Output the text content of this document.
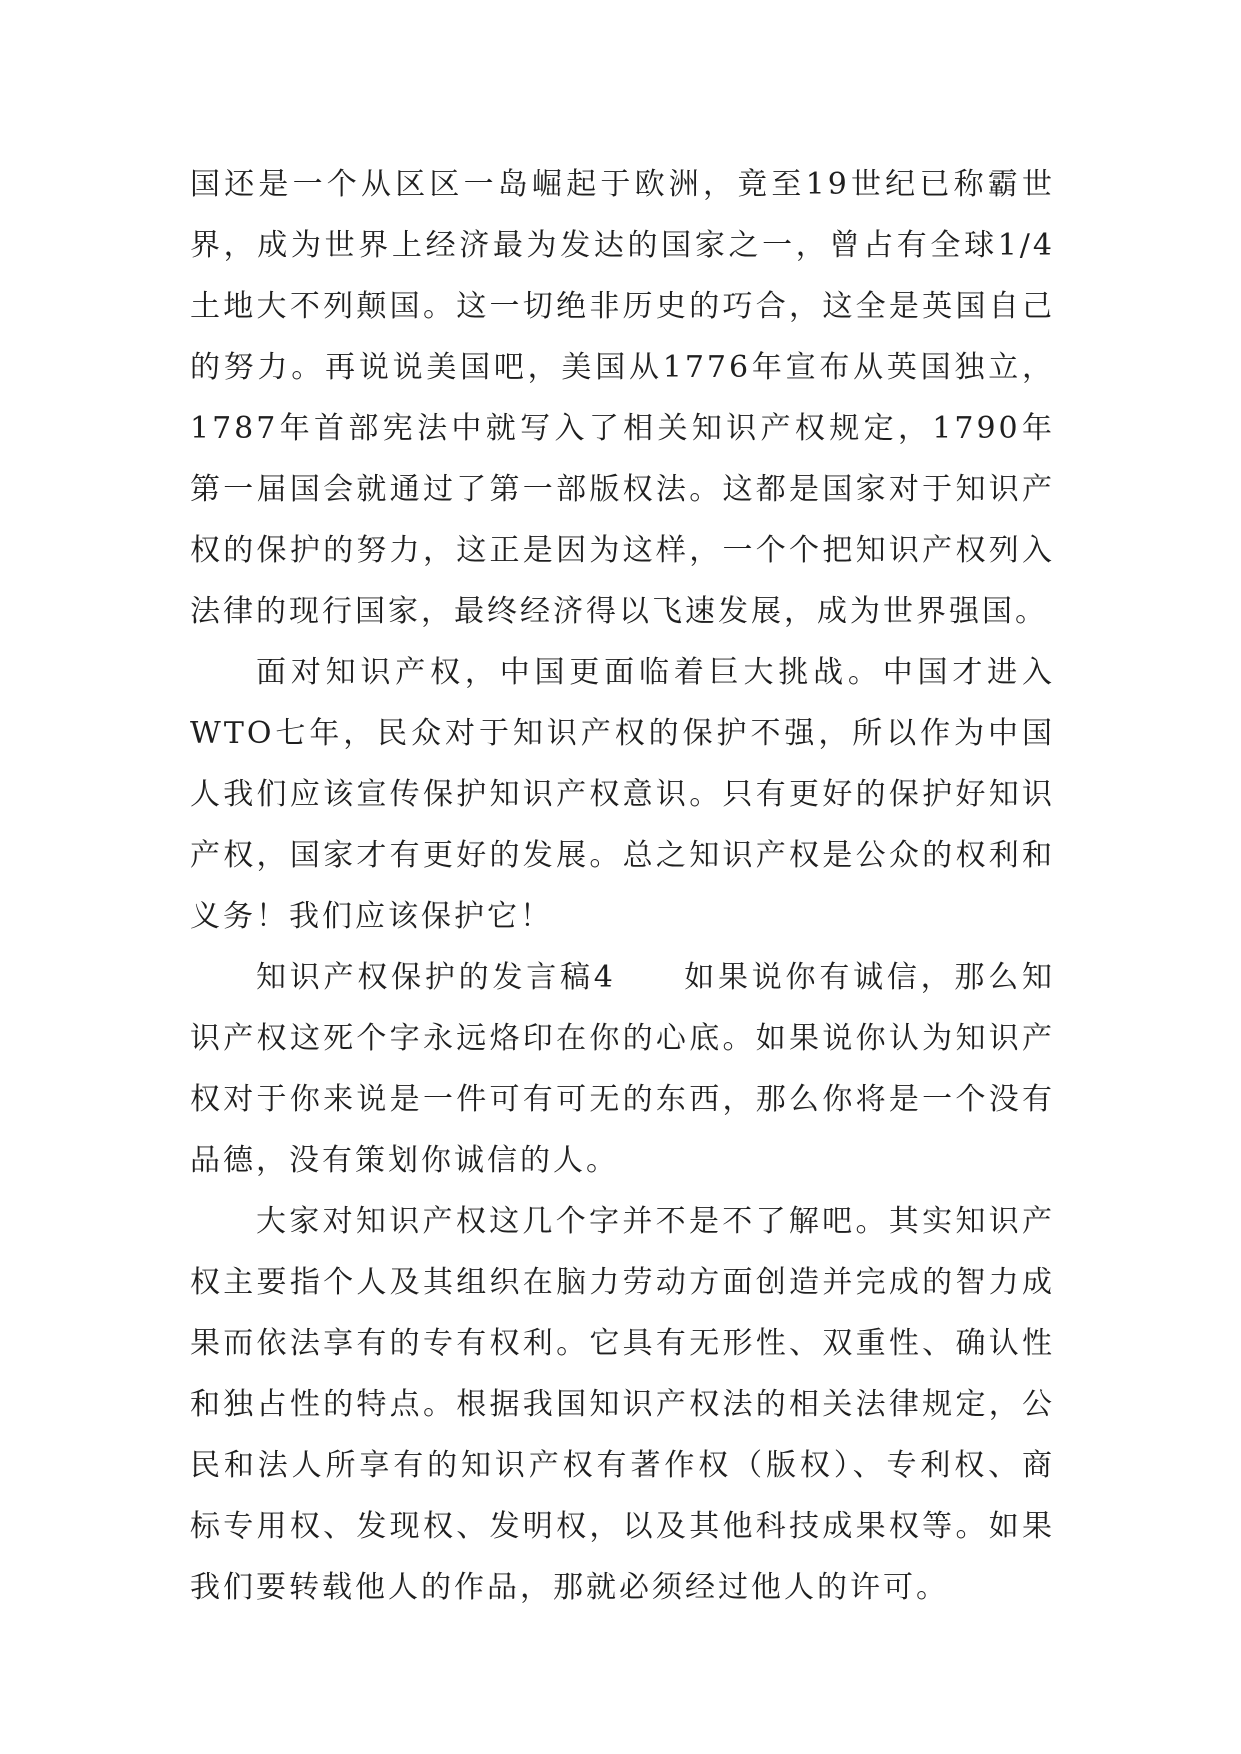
国还是一个从区区一岛崛起于欧洲，竟至19世纪已称霸世界，成为世界上经济最为发达的国家之一，曾占有全球1/4土地大不列颠国。这一切绝非历史的巧合，这全是英国自己的努力。再说说美国吧，美国从1776年宣布从英国独立，1787年首部宪法中就写入了相关知识产权规定，1790年第一届国会就通过了第一部版权法。这都是国家对于知识产权的保护的努力，这正是因为这样，一个个把知识产权列入法律的现行国家，最终经济得以飞速发展，成为世界强国。

面对知识产权，中国更面临着巨大挑战。中国才进入WTO七年，民众对于知识产权的保护不强，所以作为中国人我们应该宣传保护知识产权意识。只有更好的保护好知识产权，国家才有更好的发展。总之知识产权是公众的权利和义务！我们应该保护它！

知识产权保护的发言稿4　　如果说你有诚信，那么知识产权这死个字永远烙印在你的心底。如果说你认为知识产权对于你来说是一件可有可无的东西，那么你将是一个没有品德，没有策划你诚信的人。

大家对知识产权这几个字并不是不了解吧。其实知识产权主要指个人及其组织在脑力劳动方面创造并完成的智力成果而依法享有的专有权利。它具有无形性、双重性、确认性和独占性的特点。根据我国知识产权法的相关法律规定，公民和法人所享有的知识产权有著作权（版权）、专利权、商标专用权、发现权、发明权，以及其他科技成果权等。如果我们要转载他人的作品，那就必须经过他人的许可。
